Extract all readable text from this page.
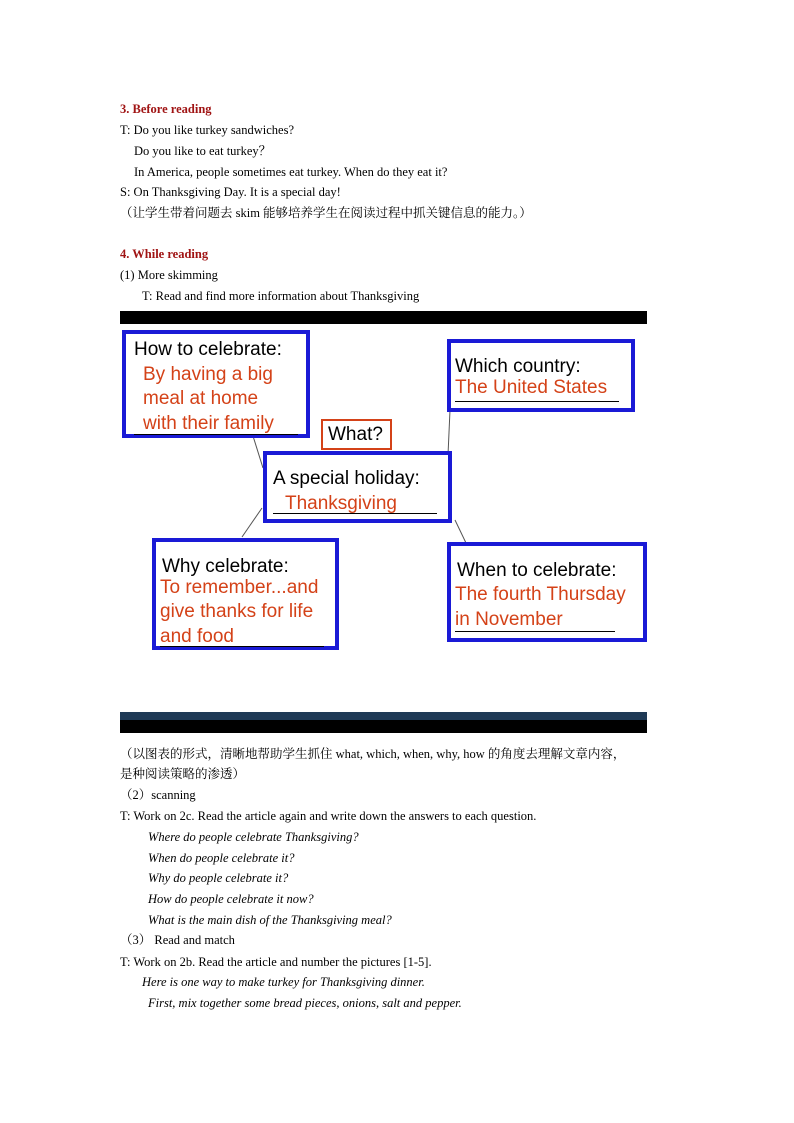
3. Before reading
T: Do you like turkey sandwiches?
Do you like to eat turkey？
In America, people sometimes eat turkey. When do they eat it?
S: On Thanksgiving Day. It is a special day!
（让学生带着问题去 skim 能够培养学生在阅读过程中抓关键信息的能力。）
4. While reading
(1) More skimming
T: Read and find more information about Thanksgiving
How to celebrate:
By having a big
meal at home
with their family
Which country:
The United States
What?
A special holiday:
Thanksgiving
Why celebrate:
To remember...and
give thanks for life
and food
When to celebrate:
The fourth Thursday
in November
（以图表的形式，清晰地帮助学生抓住 what, which, when, why, how 的角度去理解文章内容，
是种阅读策略的渗透）
（2）scanning
T: Work on 2c. Read the article again and write down the answers to each question.
Where do people celebrate Thanksgiving?
When do people celebrate it?
Why do people celebrate it?
How do people celebrate it now?
What is the main dish of the Thanksgiving meal?
（3） Read and match
T: Work on 2b. Read the article and number the pictures [1-5].
Here is one way to make turkey for Thanksgiving dinner.
First, mix together some bread pieces, onions, salt and pepper.
